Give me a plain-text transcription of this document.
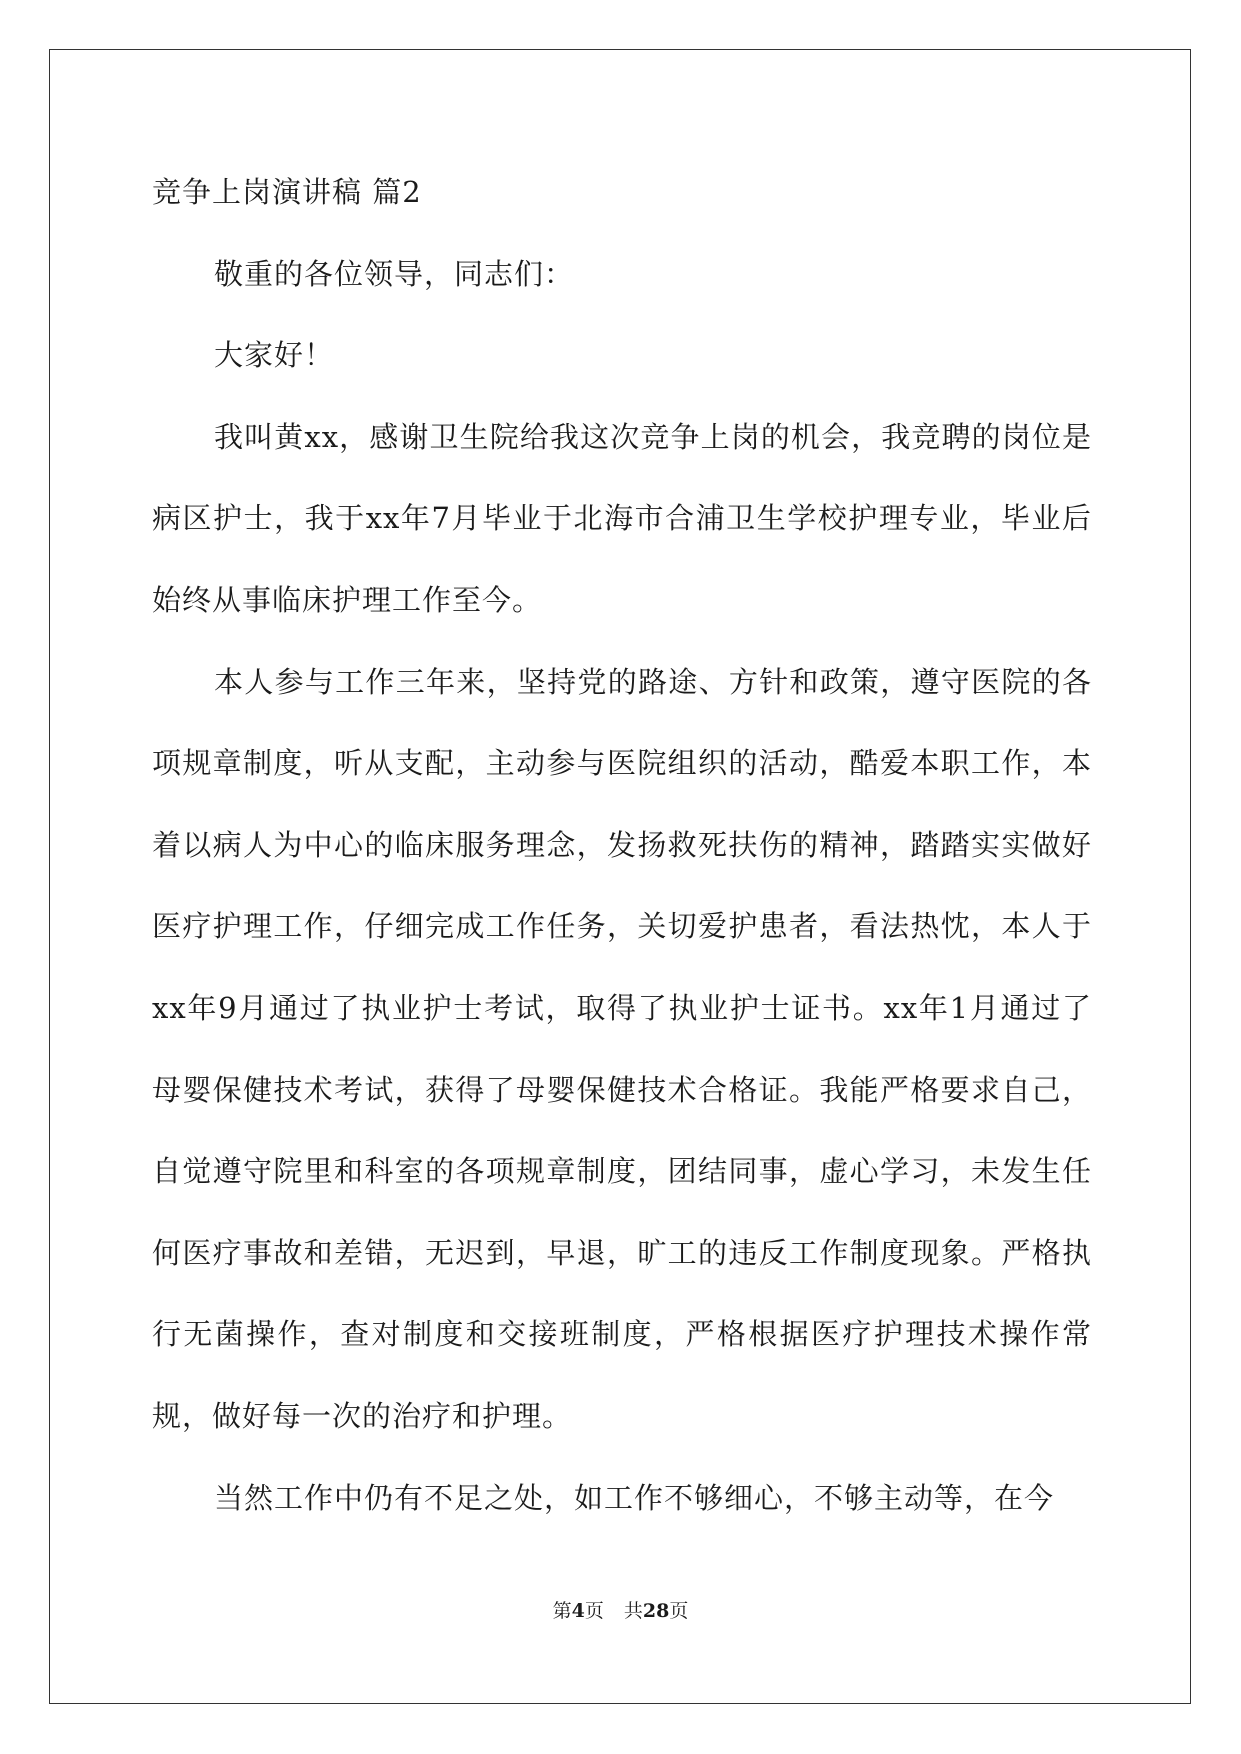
竞争上岗演讲稿 篇2

敬重的各位领导，同志们：

大家好！

我叫黄xx，感谢卫生院给我这次竞争上岗的机会，我竞聘的岗位是病区护士，我于xx年7月毕业于北海市合浦卫生学校护理专业，毕业后始终从事临床护理工作至今。

本人参与工作三年来，坚持党的路途、方针和政策，遵守医院的各项规章制度，听从支配，主动参与医院组织的活动，酷爱本职工作，本着以病人为中心的临床服务理念，发扬救死扶伤的精神，踏踏实实做好医疗护理工作，仔细完成工作任务，关切爱护患者，看法热忱，本人于xx年9月通过了执业护士考试，取得了执业护士证书。xx年1月通过了母婴保健技术考试，获得了母婴保健技术合格证。我能严格要求自己，自觉遵守院里和科室的各项规章制度，团结同事，虚心学习，未发生任何医疗事故和差错，无迟到，早退，旷工的违反工作制度现象。严格执行无菌操作，查对制度和交接班制度，严格根据医疗护理技术操作常规，做好每一次的治疗和护理。

当然工作中仍有不足之处，如工作不够细心，不够主动等，在今

第4页 共28页
